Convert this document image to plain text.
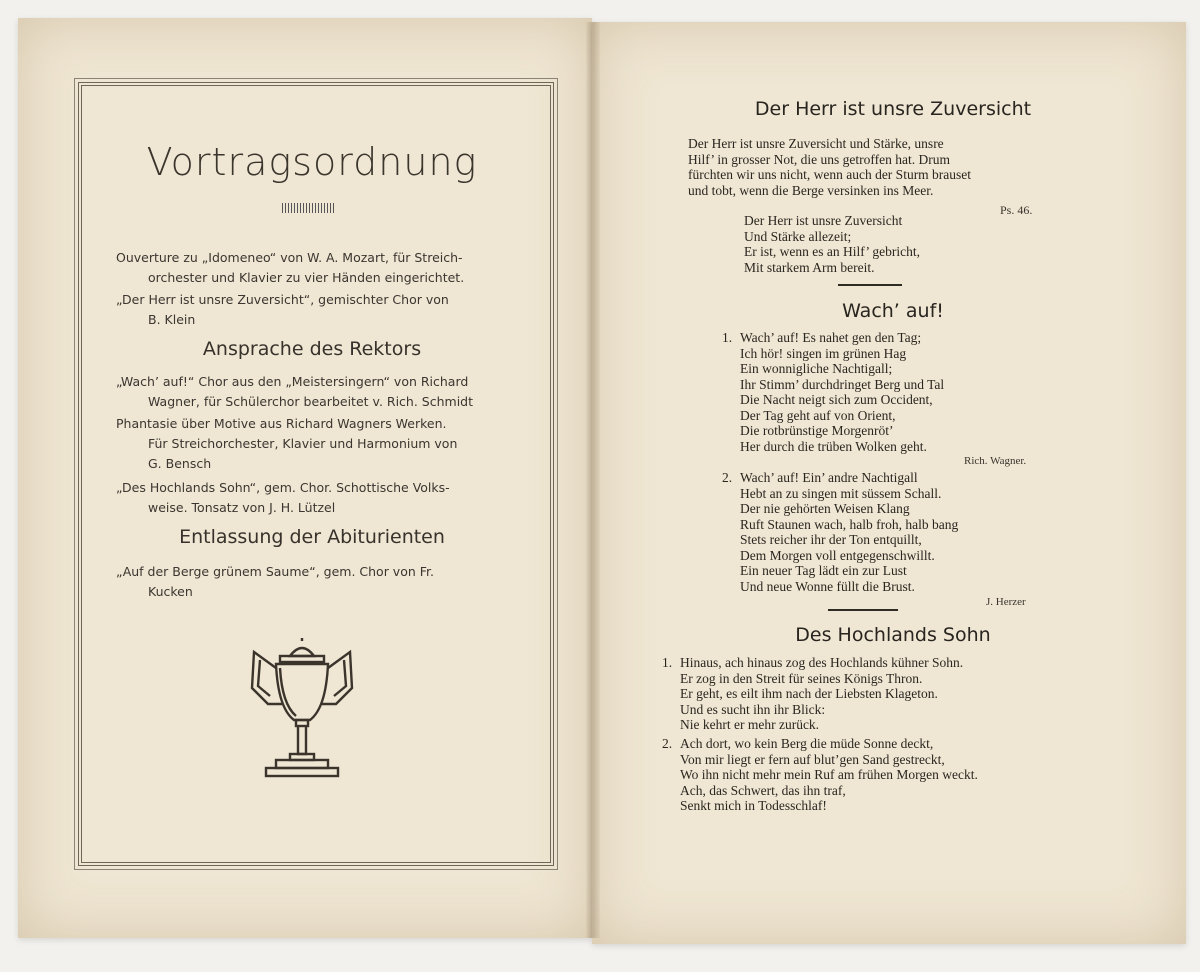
Vortragsordnung
Ouverture zu „Idomeneo“ von W. A. Mozart, für Streich-
orchester und Klavier zu vier Händen eingerichtet.
„Der Herr ist unsre Zuversicht“, gemischter Chor von
B. Klein
Ansprache des Rektors
„Wach’ auf!“ Chor aus den „Meistersingern“ von Richard
Wagner, für Schülerchor bearbeitet v. Rich. Schmidt
Phantasie über Motive aus Richard Wagners Werken.
Für Streichorchester, Klavier und Harmonium von
G. Bensch
„Des Hochlands Sohn“, gem. Chor. Schottische Volks-
weise. Tonsatz von J. H. Lützel
Entlassung der Abiturienten
„Auf der Berge grünem Saume“, gem. Chor von Fr.
Kucken
Der Herr ist unsre Zuversicht
Der Herr ist unsre Zuversicht und Stärke, unsre
Hilf’ in grosser Not, die uns getroffen hat. Drum
fürchten wir uns nicht, wenn auch der Sturm brauset
und tobt, wenn die Berge versinken ins Meer.
Ps. 46.
Der Herr ist unsre Zuversicht
Und Stärke allezeit;
Er ist, wenn es an Hilf’ gebricht,
Mit starkem Arm bereit.
Wach’ auf!
1. Wach’ auf! Es nahet gen den Tag;
Ich hör! singen im grünen Hag
Ein wonnigliche Nachtigall;
Ihr Stimm’ durchdringet Berg und Tal
Die Nacht neigt sich zum Occident,
Der Tag geht auf von Orient,
Die rotbrünstige Morgenröt’
Her durch die trüben Wolken geht.
Rich. Wagner.
2. Wach’ auf! Ein’ andre Nachtigall
Hebt an zu singen mit süssem Schall.
Der nie gehörten Weisen Klang
Ruft Staunen wach, halb froh, halb bang
Stets reicher ihr der Ton entquillt,
Dem Morgen voll entgegenschwillt.
Ein neuer Tag lädt ein zur Lust
Und neue Wonne füllt die Brust.
J. Herzer
Des Hochlands Sohn
1. Hinaus, ach hinaus zog des Hochlands kühner Sohn.
Er zog in den Streit für seines Königs Thron.
Er geht, es eilt ihm nach der Liebsten Klageton.
Und es sucht ihn ihr Blick:
Nie kehrt er mehr zurück.
2. Ach dort, wo kein Berg die müde Sonne deckt,
Von mir liegt er fern auf blut’gen Sand gestreckt,
Wo ihn nicht mehr mein Ruf am frühen Morgen weckt.
Ach, das Schwert, das ihn traf,
Senkt mich in Todesschlaf!
